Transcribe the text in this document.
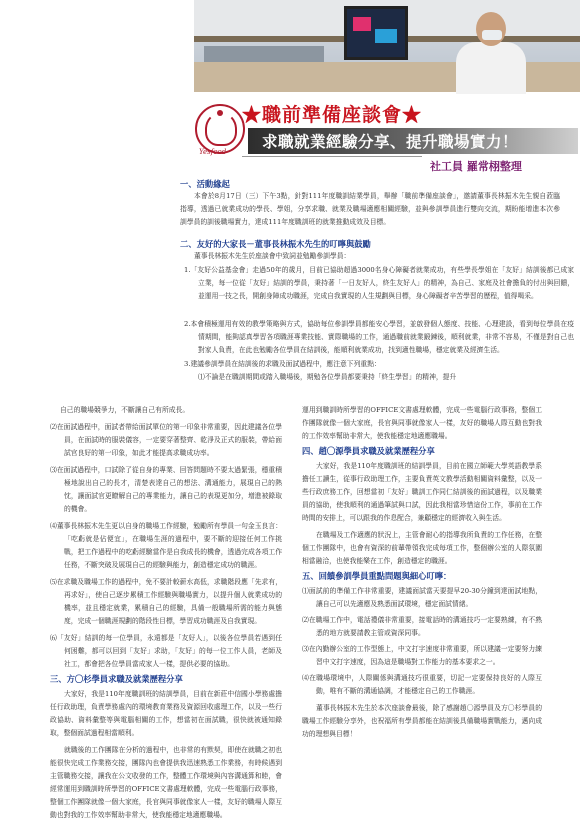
Yesfood
★職前準備座談會★
求職就業經驗分享、提升職場實力！
社工員 羅常栩整理
一、活動緣起

本會於8月17日（三）下午3點，針對111年度職訓結業學員，舉辦「職前準備座談會」，邀請董事長林振木先生親自蒞臨指導，透過已就業成功的學長、學姐，分享求職、就業及職場適應相關經驗，並與參訓學員進行雙向交流，期盼能增進本次參訓學員的訓後職場實力，達成111年度職訓班的就業推動成效及目標。

二、友好的大家長－董事長林振木先生的叮嚀與鼓勵

董事長林振木先生於座談會中致詞並勉勵參訓學員：

1.「友好公益基金會」走過50年的歲月，目前已協助超過3000名身心障礙者就業成功，有些學長學姐在「友好」結訓後都已成家立業，每一位從「友好」結訓的學員，秉持著「一日友好人，終生友好人」的精神，為自己、家庭及社會擔負的付出與回饋，並運用一技之長，開創身障成功職涯，完成自我實現的人生規劃與目標，身心障礙者辛苦學習的歷程，值得喝采。

2.本會積極運用有效的教學策略與方式，協助每位參訓學員都能安心學習，並啟發個人態度、技能、心理建設，看到每位學員在疫情期間，能夠認真學習各項職涯專業技能、實際職場的工作，通過職前就業鍛鍊後，順利就業，非常不容易，不僅是對自己也對家人負責，在此也勉勵各位學員在結訓後，能順利就業成功，找到適性職場，穩定就業及經濟生活。

3.建議參訓學員在結訓後的求職及面試過程中，應注意下列重點：

⑴不論是在職訓期間或踏入職場後，期勉各位學員都要秉持「終生學習」的精神，提升

自己的職場競爭力，不斷讓自己有所成長。

⑵在面試過程中，面試者帶給面試單位的第一印象非常重要，因此建議各位學員，在面試時的服裝儀容，一定要穿著整齊、乾淨及正式的服裝，帶給面試官良好的第一印象，如此才能提高求職成功率。

⑶在面試過程中，口試除了從自身的專業、回答問題時不要太過緊張，穩重積極地說出自己的長才，清楚表達自己的想法、溝通能力，展現自己的熱忱，讓面試官更瞭解自己的專業能力，讓自己的表現更加分，增進被錄取的機會。

⑷董事長林振木先生更以自身的職場工作經驗，勉勵所有學員一句金玉良言：「吃虧就是佔便宜」，在職場生涯的過程中，要不斷的迎接任何工作挑戰，把工作過程中的吃虧經驗當作是自我成長的機會，透過完成各項工作任務，不斷突破及展現自己的經驗與能力，創造穩定成功的職涯。

⑸在求職及職場工作的過程中，免不要計較薪水高低，求職階段應「先求有，再求好」，使自己逐步累積工作經驗與職場實力，以提升個人就業成功的機率，並且穩定就業，累積自己的經驗，具備一般職場所需的能力與態度，完成一個職涯規劃的階段性目標，學習成功職涯及自我實現。

⑹「友好」結訓的每一位學員，永遠都是「友好人」，以後各位學員若遇到任何困難，都可以回到「友好」求助，「友好」的每一位工作人員，老師及社工，都會把各位學員當成家人一樣，提供必要的協助。

三、方〇杉學員求職及就業歷程分享

大家好，我是110年度職訓班的結訓學員，目前在新莊中信國小學務處擔任行政助理，負責學務處內的環境教育業務及資源回收處理工作，以及一些行政協助、資料彙整等與電腦相關的工作，想當初在面試職，很快就被通知錄取，整個面試過程相當順利。

就職後的工作團隊在分析的過程中，也非常的有默契，即使在就職之初也能很快完成工作業務交接，團隊內也會提供我迅速熟悉工作業務，有時候遇到主管職務交接，讓我在公文收發的工作，整體工作環境與內容溝通算和睦，會經常運用到職訓時所學習的OFFICE文書處理軟體，完成一些電腦行政事務，整個工作團隊就像一個大家庭，長官與同事就像家人一樣，友好的職場人際互動也對我的工作效率幫助非常大，使我能穩定地適應職場。

運用到職訓時所學習的OFFICE文書處理軟體，完成一些電腦行政事務，整個工作團隊就像一個大家庭，長官與同事就像家人一樣，友好的職場人際互動也對我的工作效率幫助非常大，使我能穩定地適應職場。

四、趙〇源學員求職及就業歷程分享

大家好，我是110年度職訓班的結訓學員，目前在國立師範大學英語教學系擔任工讀生，從事行政助理工作，主要負責英文教學活動相關資料彙整，以及一些行政庶務工作，回想當初「友好」職訓工作同仁結訓後的面試過程，以及職業員的協助，使我順利的通過筆試與口試，因此我相當珍惜這份工作，事前在工作時間的安排上，可以跟我的作息配合，兼顧穩定的經濟收入與生活。

在職場及工作適應的狀況上，主管會耐心的指導我所負責的工作任務，在整個工作團隊中，也會有資深的前輩帶領我完成每項工作，整個辦公室的人際氛圍相當融洽，也使我能樂在工作，創造穩定的職涯。

五、回饋參訓學員重點問題與細心叮嚀：

⑴面試前的準備工作非常重要，建議面試當天要提早20-30分鐘到達面試地點，讓自己可以先適應及熟悉面試環境，穩定面試情緒。

⑵在職場工作中，電話禮儀非常重要，接電話時的溝通技巧一定要熟練，有不熟悉的地方就要請教主管或資深同事。

⑶在內勤辦公室的工作型態上，中文打字速度非常重要，所以建議一定要努力練習中文打字速度，因為這是職場對工作能力的基本要求之一。

⑷在職場環境中，人際關係與溝通技巧很重要，切記一定要保持良好的人際互動，唯有不斷的溝通協調，才能穩定自己的工作職涯。

董事長林振木先生於本次座談會最後，除了感謝趙〇源學員及方〇杉學員的職場工作經驗分享外，也祝福所有學員都能在結訓後具備職場實戰能力，邁向成功的理想與目標！
